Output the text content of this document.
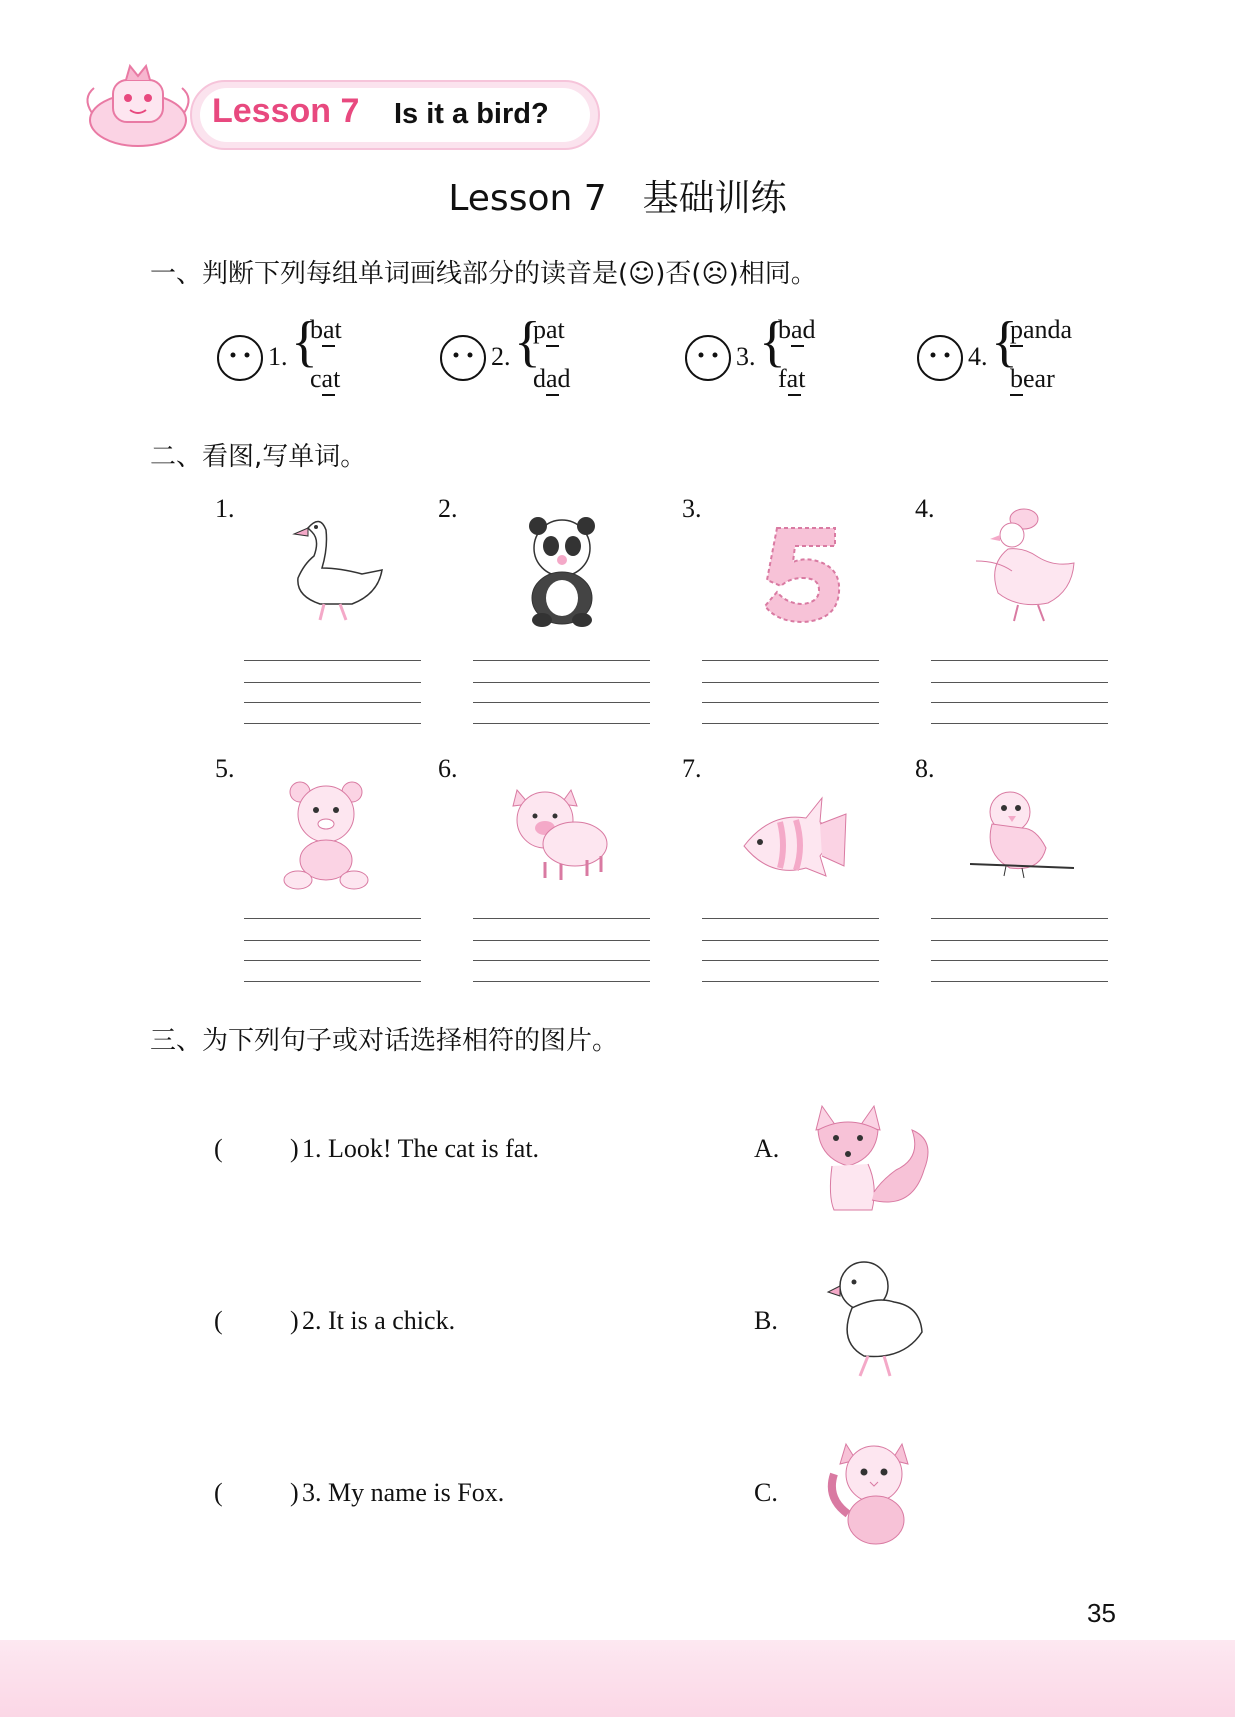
Lesson 7 Is it a bird?
Lesson 7　基础训练
一、判断下列每组单词画线部分的读音是(☺)否(☹)相同。
1. {
bat
cat
2. {
pat
dad
3. {
bad
fat
4. {
panda
bear
二、看图,写单词。
1.	2.	3.	4.
5.	6.	7.	8.
三、为下列句子或对话选择相符的图片。
(	) 1. Look! The cat is fat.
(	) 2. It is a chick.
(	) 3. My name is Fox.
A.
B.
C.
35
